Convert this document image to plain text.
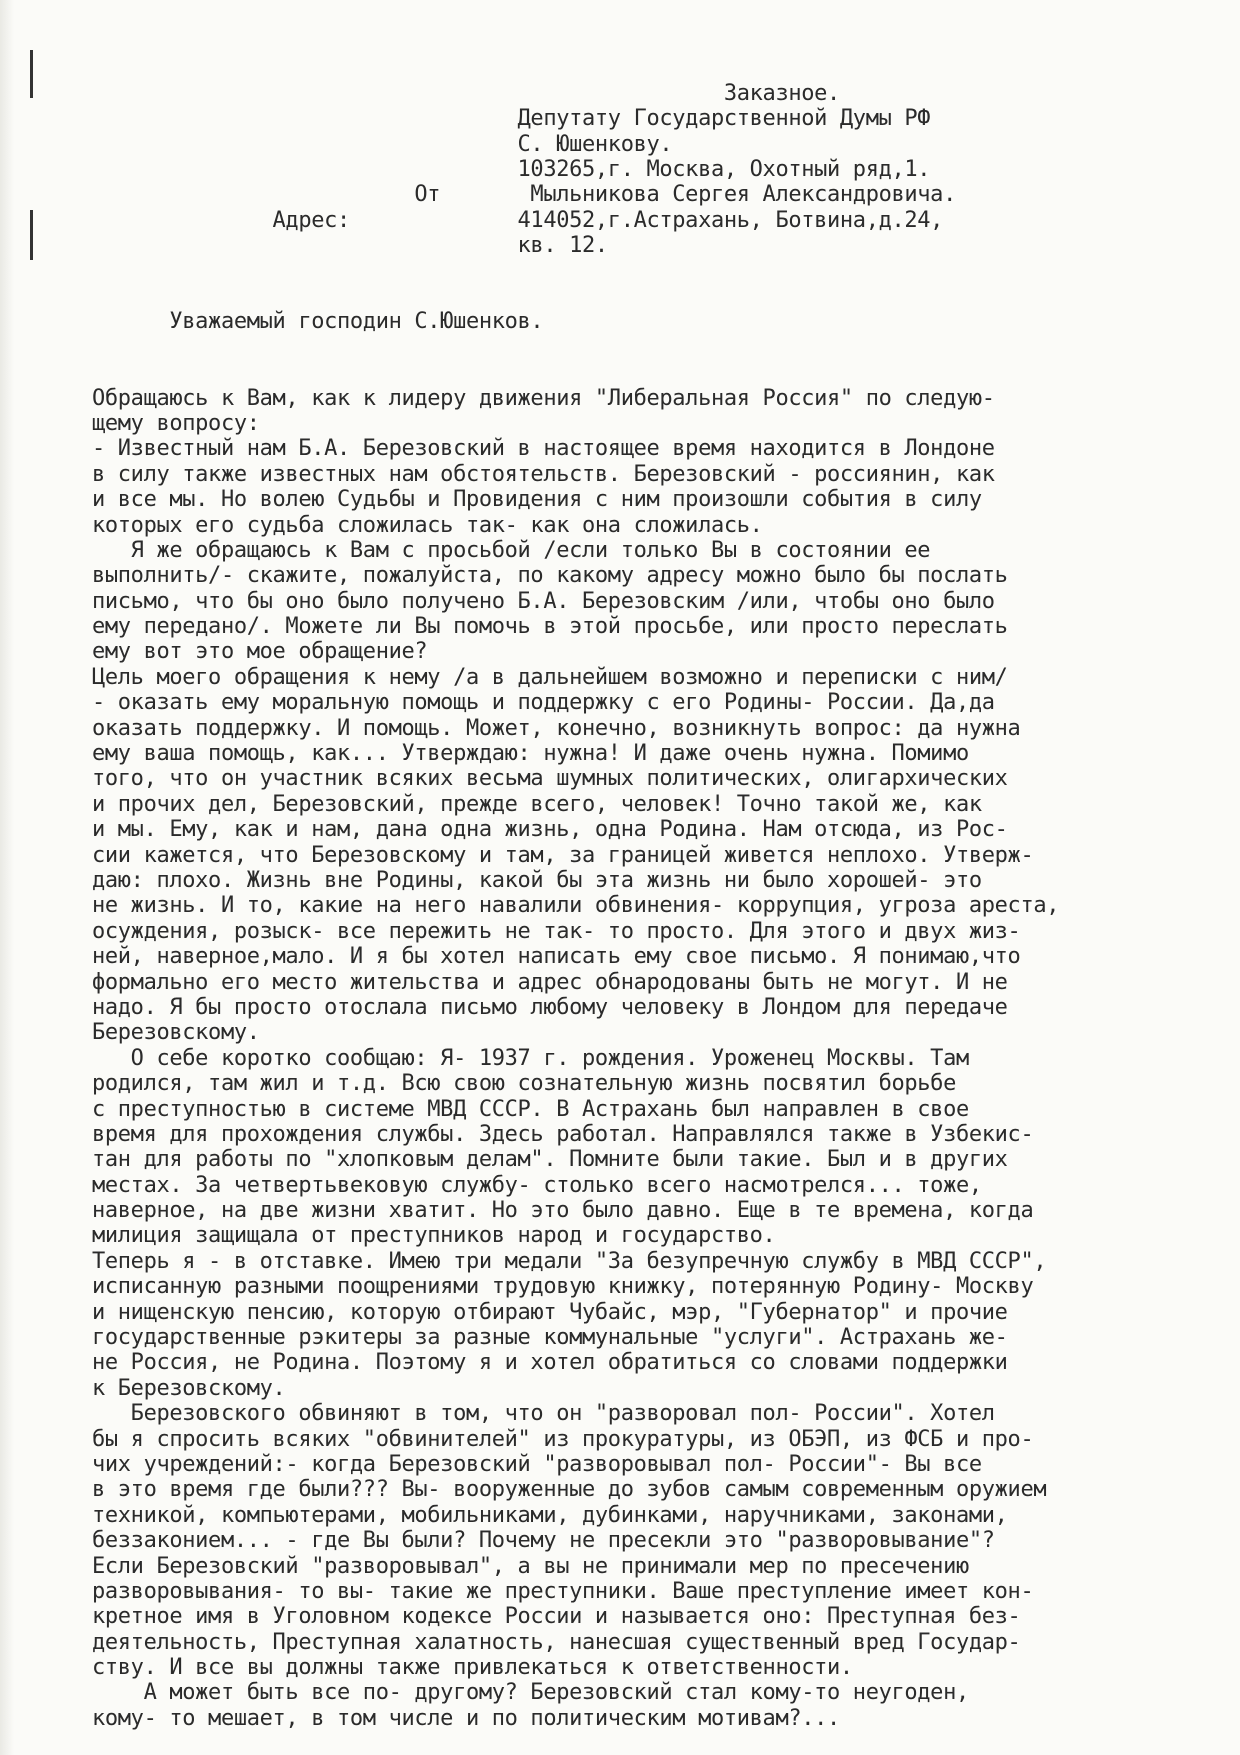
Заказное.
Депутату Государственной Думы РФ
С. Юшенкову.
103265,г. Москва, Охотный ряд,1.
От       Мыльникова Сергея Александровича.
Адрес:             414052,г.Астрахань, Ботвина,д.24,
кв. 12.

Уважаемый господин С.Юшенков.

Обращаюсь к Вам, как к лидеру движения "Либеральная Россия" по следую-
щему вопросу:
- Известный нам Б.А. Березовский в настоящее время находится в Лондоне
в силу также известных нам обстоятельств. Березовский - россиянин, как
и все мы. Но волею Судьбы и Провидения с ним произошли события в силу
которых его судьба сложилась так- как она сложилась.
Я же обращаюсь к Вам с просьбой /если только Вы в состоянии ее
выполнить/- скажите, пожалуйста, по какому адресу можно было бы послать
письмо, что бы оно было получено Б.А. Березовским /или, чтобы оно было
ему передано/. Можете ли Вы помочь в этой просьбе, или просто переслать
ему вот это мое обращение?
Цель моего обращения к нему /а в дальнейшем возможно и переписки с ним/
- оказать ему моральную помощь и поддержку с его Родины- России. Да,да
оказать поддержку. И помощь. Может, конечно, возникнуть вопрос: да нужна
ему ваша помощь, как... Утверждаю: нужна! И даже очень нужна. Помимо
того, что он участник всяких весьма шумных политических, олигархических
и прочих дел, Березовский, прежде всего, человек! Точно такой же, как
и мы. Ему, как и нам, дана одна жизнь, одна Родина. Нам отсюда, из Рос-
сии кажется, что Березовскому и там, за границей живется неплохо. Утверж-
даю: плохо. Жизнь вне Родины, какой бы эта жизнь ни было хорошей- это
не жизнь. И то, какие на него навалили обвинения- коррупция, угроза ареста,
осуждения, розыск- все пережить не так- то просто. Для этого и двух жиз-
ней, наверное,мало. И я бы хотел написать ему свое письмо. Я понимаю,что
формально его место жительства и адрес обнародованы быть не могут. И не
надо. Я бы просто отослала письмо любому человеку в Лондом для передаче
Березовскому.
О себе коротко сообщаю: Я- 1937 г. рождения. Уроженец Москвы. Там
родился, там жил и т.д. Всю свою сознательную жизнь посвятил борьбе
с преступностью в системе МВД СССР. В Астрахань был направлен в свое
время для прохождения службы. Здесь работал. Направлялся также в Узбекис-
тан для работы по "хлопковым делам". Помните были такие. Был и в других
местах. За четвертьвековую службу- столько всего насмотрелся... тоже,
наверное, на две жизни хватит. Но это было давно. Еще в те времена, когда
милиция защищала от преступников народ и государство.
Теперь я - в отставке. Имею три медали "За безупречную службу в МВД СССР",
исписанную разными поощрениями трудовую книжку, потерянную Родину- Москву
и нищенскую пенсию, которую отбирают Чубайс, мэр, "Губернатор" и прочие
государственные рэкитеры за разные коммунальные "услуги". Астрахань же-
не Россия, не Родина. Поэтому я и хотел обратиться со словами поддержки
к Березовскому.
Березовского обвиняют в том, что он "разворовал пол- России". Хотел
бы я спросить всяких "обвинителей" из прокуратуры, из ОБЭП, из ФСБ и про-
чих учреждений:- когда Березовский "разворовывал пол- России"- Вы все
в это время где были??? Вы- вооруженные до зубов самым современным оружием
техникой, компьютерами, мобильниками, дубинками, наручниками, законами,
беззаконием... - где Вы были? Почему не пресекли это "разворовывание"?
Если Березовский "разворовывал", а вы не принимали мер по пресечению
разворовывания- то вы- такие же преступники. Ваше преступление имеет кон-
кретное имя в Уголовном кодексе России и называется оно: Преступная без-
деятельность, Преступная халатность, нанесшая существенный вред Государ-
ству. И все вы должны также привлекаться к ответственности.
А может быть все по- другому? Березовский стал кому-то неугоден,
кому- то мешает, в том числе и по политическим мотивам?...
